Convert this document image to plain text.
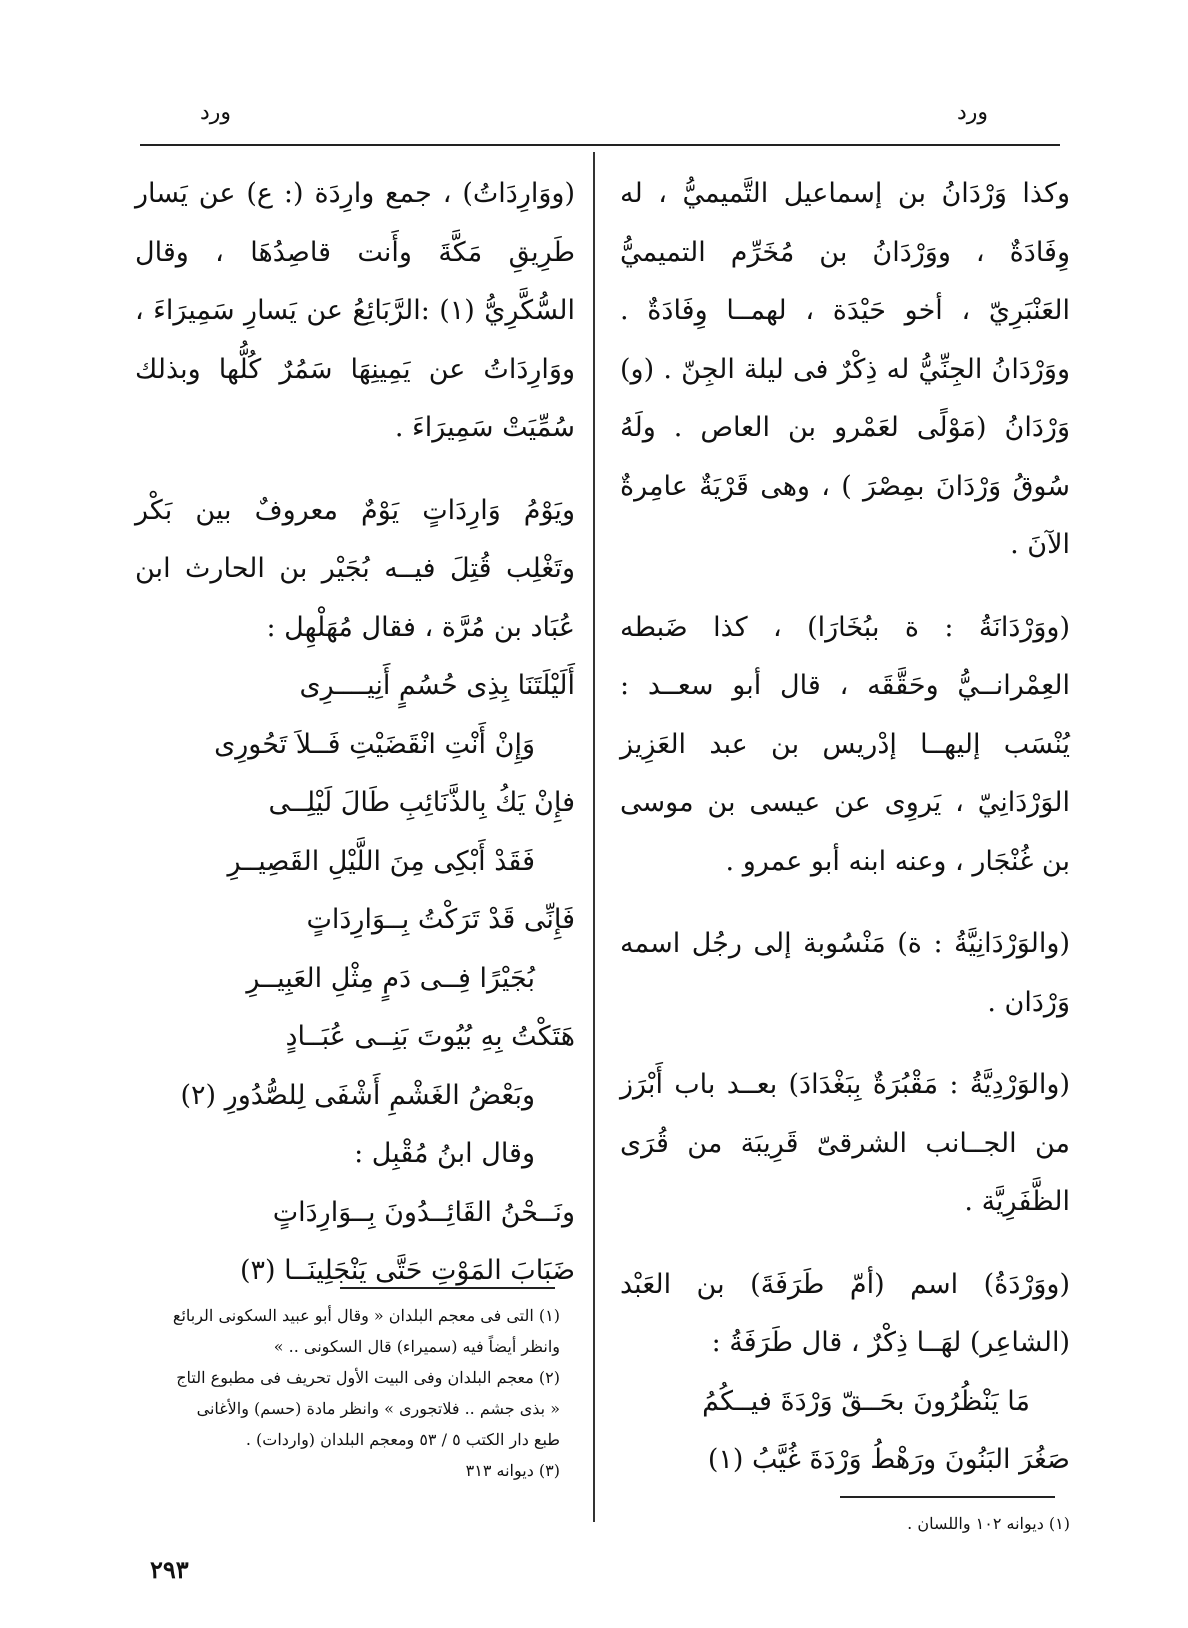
ورد
ورد

وكذا وَرْدَانُ بن إسماعيل التَّميميُّ ، له وِفَادَةٌ ، ووَرْدَانُ بن مُخَرِّم التميميُّ العَنْبَرِيّ ، أخو حَيْدَة ، لهمــا وِفَادَةٌ . ووَرْدَانُ الجِنِّيُّ له ذِكْرٌ فى ليلة الجِنّ . (و) وَرْدَانُ (مَوْلًى لعَمْرو بن العاص . ولَهُ سُوقُ وَرْدَانَ بمِصْرَ ) ، وهى قَرْيَةٌ عامِرةٌ الآنَ .

(ووَرْدَانَةُ : ة ببُخَارَا) ، كذا ضَبطه العِمْرانــيُّ وحَقَّقَه ، قال أبو سعــد : يُنْسَب إليهــا إدْريس بن عبد العَزِيز الوَرْدَانِيّ ، يَروِى عن عيسى بن موسى بن غُنْجَار ، وعنه ابنه أبو عمرو .

(والوَرْدَانِيَّةُ : ة) مَنْسُوبة إلى رجُل اسمه وَرْدَان .

(والوَرْدِيَّةُ : مَقْبُرَةٌ بِبَغْدَادَ) بعــد باب أَبْرَز من الجــانب الشرقىّ قَرِيبَة من قُرَى الظَّفَرِيَّة .

(ووَرْدَةُ) اسم (أمّ طَرَفَةَ) بن العَبْد (الشاعِر) لهَــا ذِكْرٌ ، قال طَرَفَةُ :

مَا يَنْظُرُونَ بحَــقّ وَرْدَةَ فيــكُمُ

صَغُرَ البَنُونَ ورَهْطُ وَرْدَةَ غُيَّبُ (١)

(ووَارِدَاتُ) ، جمع وارِدَة (: ع) عن يَسار طَرِيقِ مَكَّةَ وأَنت قاصِدُهَا ، وقال السُّكَّرِيُّ (١) :الرَّبَائِعُ عن يَسارِ سَمِيرَاءَ ، ووَارِدَاتُ عن يَمِينِهَا سَمُرٌ كُلُّها وبذلك سُمِّيَتْ سَمِيرَاءَ .

ويَوْمُ وَارِدَاتٍ يَوْمٌ معروفٌ بين بَكْر وتَغْلِب قُتِلَ فيــه بُجَيْر بن الحارث ابن عُبَاد بن مُرَّة ، فقال مُهَلْهِل :

أَلَيْلَتَنَا بِذِى حُسُمٍ أَنِيــــرِى

وَإِنْ أَنْتِ انْقَضَيْتِ فَــلاَ تَحُورِى

فإِنْ يَكُ بِالذَّنَائِبِ طَالَ لَيْلِــى

فَقَدْ أَبْكِى مِنَ اللَّيْلِ القَصِيــرِ

فَإِنِّى قَدْ تَرَكْتُ بِــوَارِدَاتٍ

بُجَيْرًا فِــى دَمٍ مِثْلِ العَبِيــرِ

هَتَكْتُ بِهِ بُيُوتَ بَنِــى عُبَــادٍ

وبَعْضُ الغَشْمِ أَشْفَى لِلصُّدُورِ (٢)

وقال ابنُ مُقْبِل :

ونَــحْنُ القَائِــدُونَ بِــوَارِدَاتٍ

ضَبَابَ المَوْتِ حَتَّى يَنْجَلِينَــا (٣)

(١) التى فى معجم البلدان « وقال أبو عبيد السكونى الربائع

وانظر أيضاً فيه (سميراء) قال السكونى .. »

(٢) معجم البلدان وفى البيت الأول تحريف فى مطبوع التاج

« بذى جشم .. فلاتجورى » وانظر مادة (حسم) والأغانى

طبع دار الكتب ٥ / ٥٣ ومعجم البلدان (واردات) .

(٣) ديوانه ٣١٣

(١) ديوانه ١٠٢ واللسان .

٢٩٣
